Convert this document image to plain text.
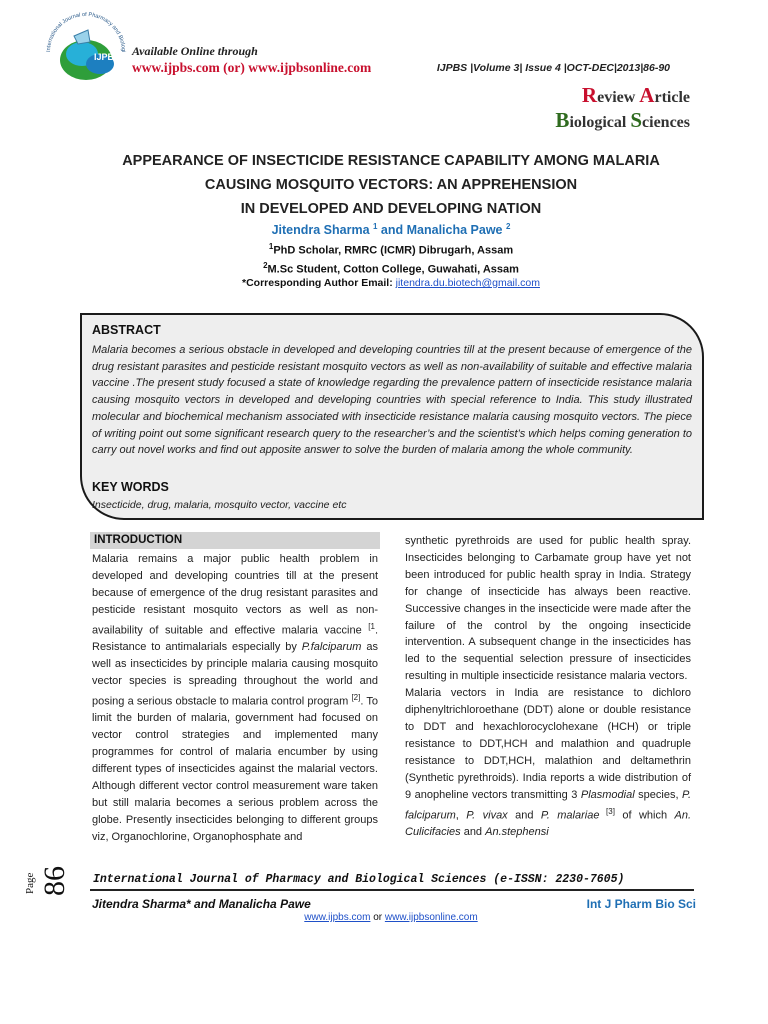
IJPBS
International Journal of Pharmacy and Biologi Available Online through
www.ijpbs.com (or) www.ijpbsonline.com	IJPBS |Volume 3| Issue 4 |OCT-DEC|2013|86-90
Review Article
Biological Sciences
APPEARANCE OF INSECTICIDE RESISTANCE CAPABILITY AMONG MALARIA
CAUSING MOSQUITO VECTORS: AN APPREHENSION
IN DEVELOPED AND DEVELOPING NATION
Jitendra Sharma $^1$ and Manalicha Pawe $^2$
$^1$PhD Scholar, RMRC (ICMR) Dibrugarh, Assam
$^2$M.Sc Student, Cotton College, Guwahati, Assam
*Corresponding Author Email: jitendra.du.biotech@gmail.com
ABSTRACT
Malaria becomes a serious obstacle in developed and developing countries till at the present because of emergence of the drug resistant parasites and pesticide resistant mosquito vectors as well as non-availability of suitable and effective malaria vaccine .The present study focused a state of knowledge regarding the prevalence pattern of insecticide resistance malaria causing mosquito vectors in developed and developing countries with special reference to India. This study illustrated molecular and biochemical mechanism associated with insecticide resistance malaria causing mosquito vectors. The piece of writing point out some significant research query to the researcher’s and the scientist’s which helps coming generation to carry out novel works and find out apposite answer to solve the burden of malaria among the whole community.
KEY WORDS
Insecticide, drug, malaria, mosquito vector, vaccine etc
INTRODUCTION

Malaria remains a major public health problem in developed and developing countries till at the present because of emergence of the drug resistant parasites and pesticide resistant mosquito vectors as well as non-availability of suitable and effective malaria vaccine $^{[1}$. Resistance to antimalarials especially by P.falciparum as well as insecticides by principle malaria causing mosquito vector species is spreading throughout the world and posing a serious obstacle to malaria control program [2]. To limit the burden of malaria, government had focused on vector control strategies and implemented many programmes for control of malaria encumber by using different types of insecticides against the malarial vectors. Although different vector control measurement ware taken but still malaria becomes a serious problem across the globe. Presently insecticides belonging to different groups viz, Organochlorine, Organophosphate and

synthetic pyrethroids are used for public health spray. Insecticides belonging to Carbamate group have yet not been introduced for public health spray in India. Strategy for change of insecticide has always been reactive. Successive changes in the insecticide were made after the failure of the control by the ongoing insecticide intervention. A subsequent change in the insecticides has led to the sequential selection pressure of insecticides resulting in multiple insecticide resistance malaria vectors.

Malaria vectors in India are resistance to dichloro diphenyltrichloroethane (DDT) alone or double resistance to DDT and hexachlorocyclohexane (HCH) or triple resistance to DDT,HCH and malathion and quadruple resistance to DDT,HCH, malathion and deltamethrin (Synthetic pyrethroids). India reports a wide distribution of 9 anopheline vectors transmitting 3 Plasmodial species, P. falciparum, P. vivax and P. malariae [3] of which An. Culicifacies and An.stephensi

Page 86 International Journal of Pharmacy and Biological Sciences (e-ISSN: 2230-7605)
Jitendra Sharma* and Manalicha Pawe	Int J Pharm Bio Sci
www.ijpbs.com or www.ijpbsonline.com
